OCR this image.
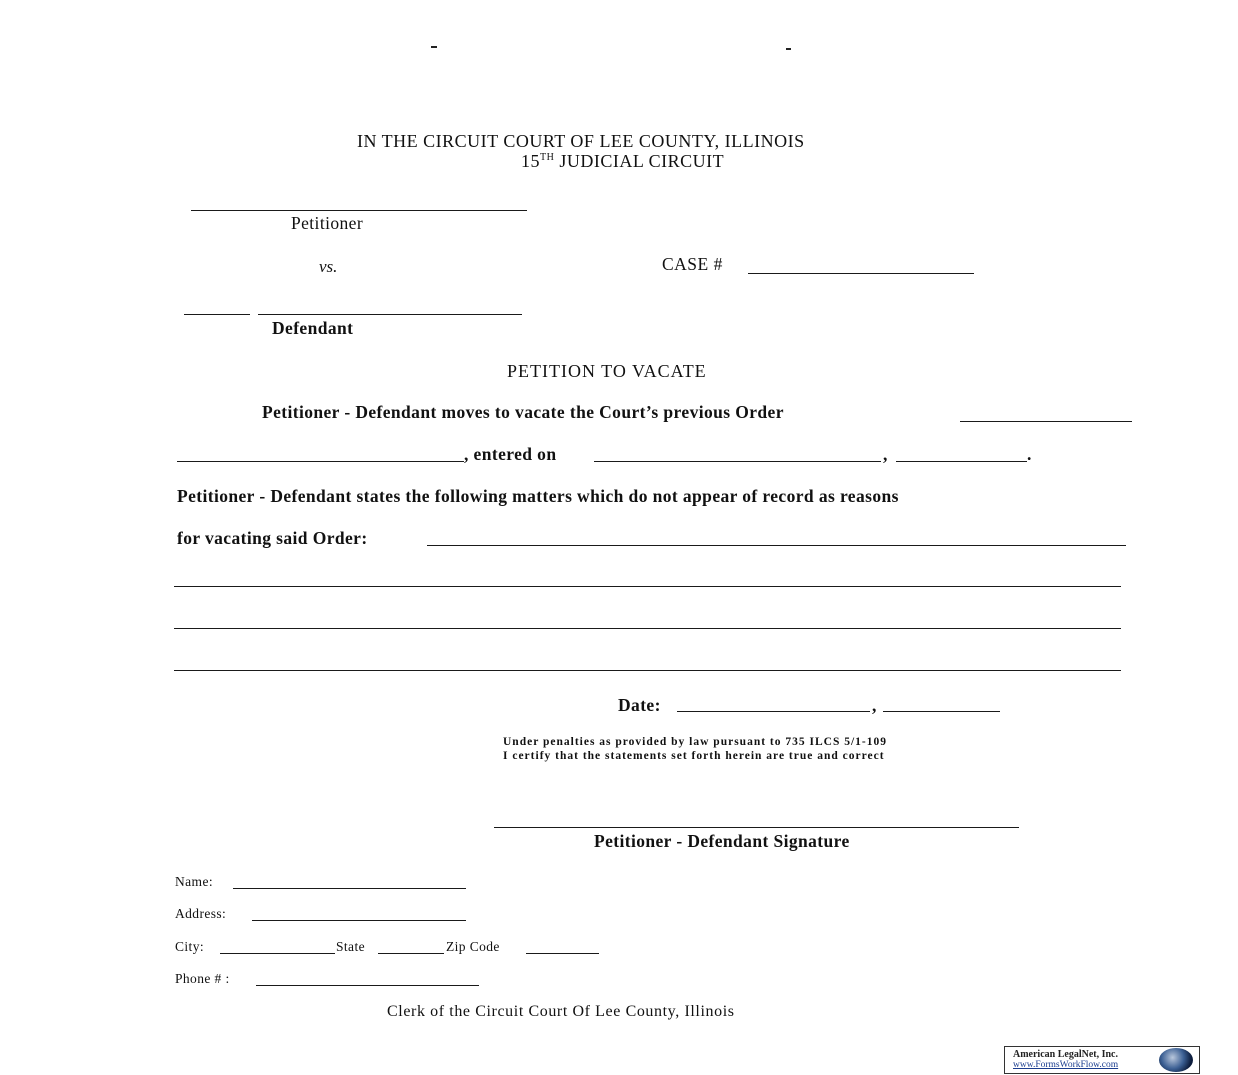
IN THE CIRCUIT COURT OF LEE COUNTY, ILLINOIS
15TH JUDICIAL CIRCUIT
Petitioner
vs.	CASE #
Defendant
PETITION TO VACATE
Petitioner - Defendant moves to vacate the Court’s previous Order
, entered on	,	.
Petitioner - Defendant states the following matters which do not appear of record as reasons
for vacating said Order:
Date:	,
Under penalties as provided by law pursuant to 735 ILCS 5/1-109
I certify that the statements set forth herein are true and correct
Petitioner - Defendant Signature
Name:
Address:
City:	State	Zip Code
Phone # :
Clerk of the Circuit Court Of Lee County, Illinois
American LegalNet, Inc.
www.FormsWorkFlow.com
